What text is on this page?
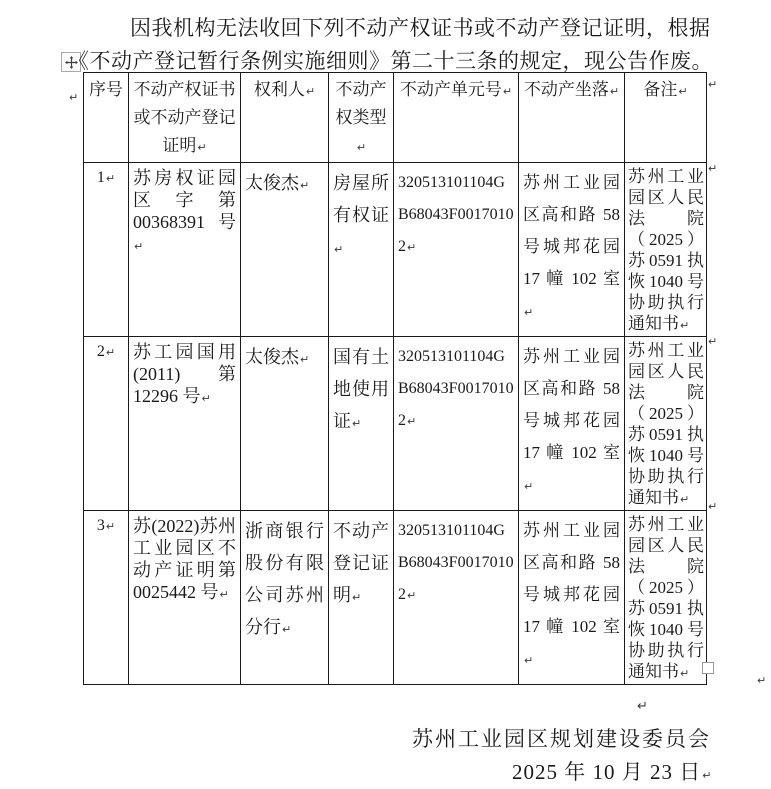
因我机构无法收回下列不动产权证书或不动产登记证明，根据
《不动产登记暂行条例实施细则》第二十三条的规定，现公告作废。↵ 序号	不动产权证书或不动产登记证明↵	权利人↵	不动产权类型↵	不动产单元号↵	不动产坐落↵	备注↵
1↵	苏房权证园区字第 00368391 号↵	太俊杰↵	房屋所有权证↵	320513101104GB68043F00170102↵	苏州工业园区高和路 58 号城邦花园 17 幢 102 室↵	苏州工业园区人民法院（2025）苏0591执恢1040号协助执行通知书↵
2↵	苏工园国用(2011)第 12296 号↵	太俊杰↵	国有土地使用证↵	320513101104GB68043F00170102↵	苏州工业园区高和路 58 号城邦花园 17 幢 102 室↵	苏州工业园区人民法院（2025）苏0591执恢1040号协助执行通知书↵
3↵	苏(2022)苏州工业园区不动产证明第 0025442 号↵	浙商银行股份有限公司苏州分行↵	不动产登记证明↵	320513101104GB68043F00170102↵	苏州工业园区高和路 58 号城邦花园 17 幢 102 室↵	苏州工业园区人民法院（2025）苏0591执恢1040号协助执行通知书↵
↵
↵
↵
↵
↵
↵
苏州工业园区规划建设委员会
2025 年 10 月 23 日↵
